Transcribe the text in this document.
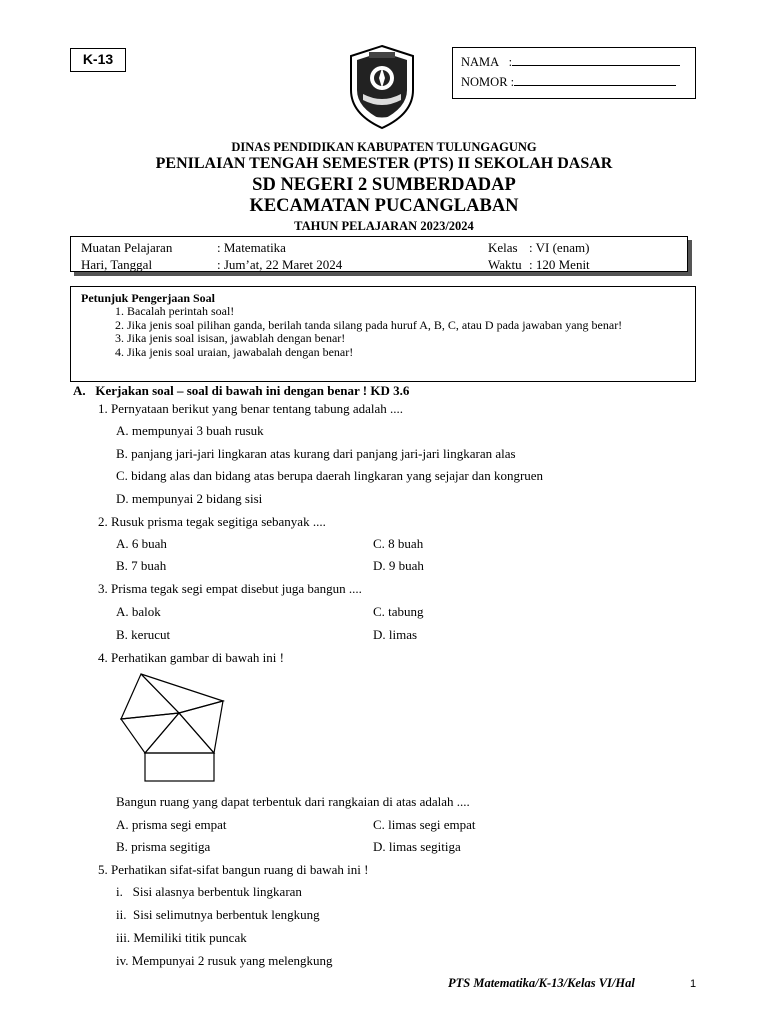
K-13	NAMA   :
NOMOR :
DINAS PENDIDIKAN KABUPATEN TULUNGAGUNG
PENILAIAN TENGAH SEMESTER (PTS) II SEKOLAH DASAR
SD NEGERI 2 SUMBERDADAP
KECAMATAN PUCANGLABAN
TAHUN PELAJARAN 2023/2024
Muatan Pelajaran	: Matematika	Kelas : VI (enam)
Hari, Tanggal	: Jum’at, 22 Maret 2024	Waktu : 120 Menit
Petunjuk Pengerjaan Soal
1. Bacalah perintah soal!
2. Jika jenis soal pilihan ganda, berilah tanda silang pada huruf A, B, C, atau D pada jawaban yang benar!
3. Jika jenis soal isisan, jawablah dengan benar!
4. Jika jenis soal uraian, jawabalah dengan benar!
A. Kerjakan soal – soal di bawah ini dengan benar ! KD 3.6
1. Pernyataan berikut yang benar tentang tabung adalah ....
A. mempunyai 3 buah rusuk
B. panjang jari-jari lingkaran atas kurang dari panjang jari-jari lingkaran alas
C. bidang alas dan bidang atas berupa daerah lingkaran yang sejajar dan kongruen
D. mempunyai 2 bidang sisi
2. Rusuk prisma tegak segitiga sebanyak ....
A. 6 buah	C. 8 buah
B. 7 buah	D. 9 buah
3. Prisma tegak segi empat disebut juga bangun ....
A. balok	C. tabung
B. kerucut	D. limas
4. Perhatikan gambar di bawah ini !
Bangun ruang yang dapat terbentuk dari rangkaian di atas adalah ....
A. prisma segi empat	C. limas segi empat
B. prisma segitiga	D. limas segitiga
5. Perhatikan sifat-sifat bangun ruang di bawah ini !
i.   Sisi alasnya berbentuk lingkaran
ii.  Sisi selimutnya berbentuk lengkung
iii. Memiliki titik puncak
iv. Mempunyai 2 rusuk yang melengkung
PTS Matematika/K-13/Kelas VI/Hal	1
